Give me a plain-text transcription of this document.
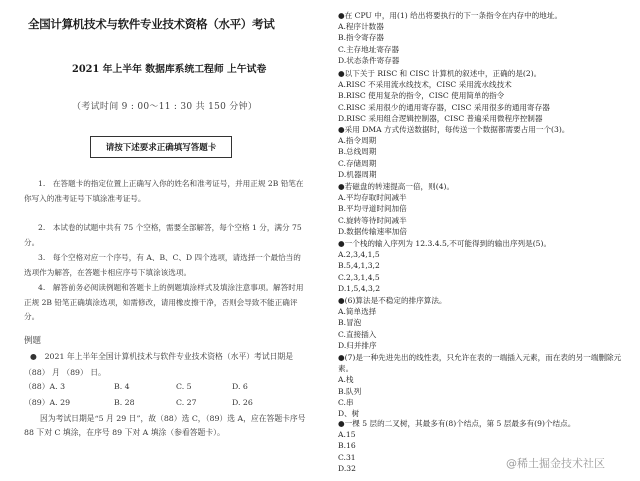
全国计算机技术与软件专业技术资格（水平）考试
2021 年上半年 数据库系统工程师 上午试卷
（考试时间 9 : 00～11 : 30 共 150 分钟）
请按下述要求正确填写答题卡

1.　在答题卡的指定位置上正确写入你的姓名和准考证号，并用正规 2B 铅笔在你写入的准考证号下填涂准考证号。

2.　本试卷的试题中共有 75 个空格，需要全部解答，每个空格 1 分，满分 75 分。

3.　每个空格对应一个序号，有 A、B、C、D 四个选项，请选择一个最恰当的选项作为解答，在答题卡相应序号下填涂该选项。

4.　解答前务必阅读例题和答题卡上的例题填涂样式及填涂注意事项。解答时用正规 2B 铅笔正确填涂选项，如需修改，请用橡皮擦干净，否则会导致不能正确评分。

例题
●　2021 年上半年全国计算机技术与软件专业技术资格（水平）考试日期是
（88） 月 （89） 日。
（88）A. 3	B. 4	C. 5	D. 6
（89）A. 29	B. 28	C. 27	D. 26
因为考试日期是“5 月 29 日”，故（88）选 C，（89）选 A，应在答题卡序号
88 下对 C 填涂，在序号 89 下对 A 填涂（参看答题卡）。
●在 CPU 中，用(1) 给出将要执行的下一条指令在内存中的地址。
A.程序计数器
B.指令寄存器
C.主存地址寄存器
D.状态条件寄存器
●以下关于 RISC 和 CISC 计算机的叙述中，正确的是(2)。
A.RISC 不采用流水线技术，CISC 采用流水线技术
B.RISC 使用复杂的指令，CISC 使用简单的指令
C.RISC 采用很少的通用寄存器，CISC 采用很多的通用寄存器
D.RISC 采用组合逻辑控制器，CISC 普遍采用微程序控制器
●采用 DMA 方式传送数据时，每传送一个数据都需要占用一个(3)。
A.指令周期
B.总线周期
C.存储周期
D.机器周期
●若磁盘的转速提高一倍，则(4)。
A.平均存取时间减半
B.平均寻道时间加倍
C.旋转等待时间减半
D.数据传输速率加倍
●一个栈的输入序列为 12.3.4.5,不可能得到的输出序列是(5)。
A.2,3,4,1,5
B.5,4,1,3,2
C.2,3,1,4,5
D.1,5,4,3,2
●(6)算法是不稳定的排序算法。
A.简单选择
B.冒泡
C.直接插入
D.归并排序
●(7)是一种先进先出的线性表，只允许在表的一端插入元素，而在表的另一端删除元素。
A.栈
B.队列
C.串
D、树
●一棵 5 层的二叉树，其最多有(8)个结点，第 5 层最多有(9)个结点。
A.15
B.16
C.31
D.32	@稀土掘金技术社区
